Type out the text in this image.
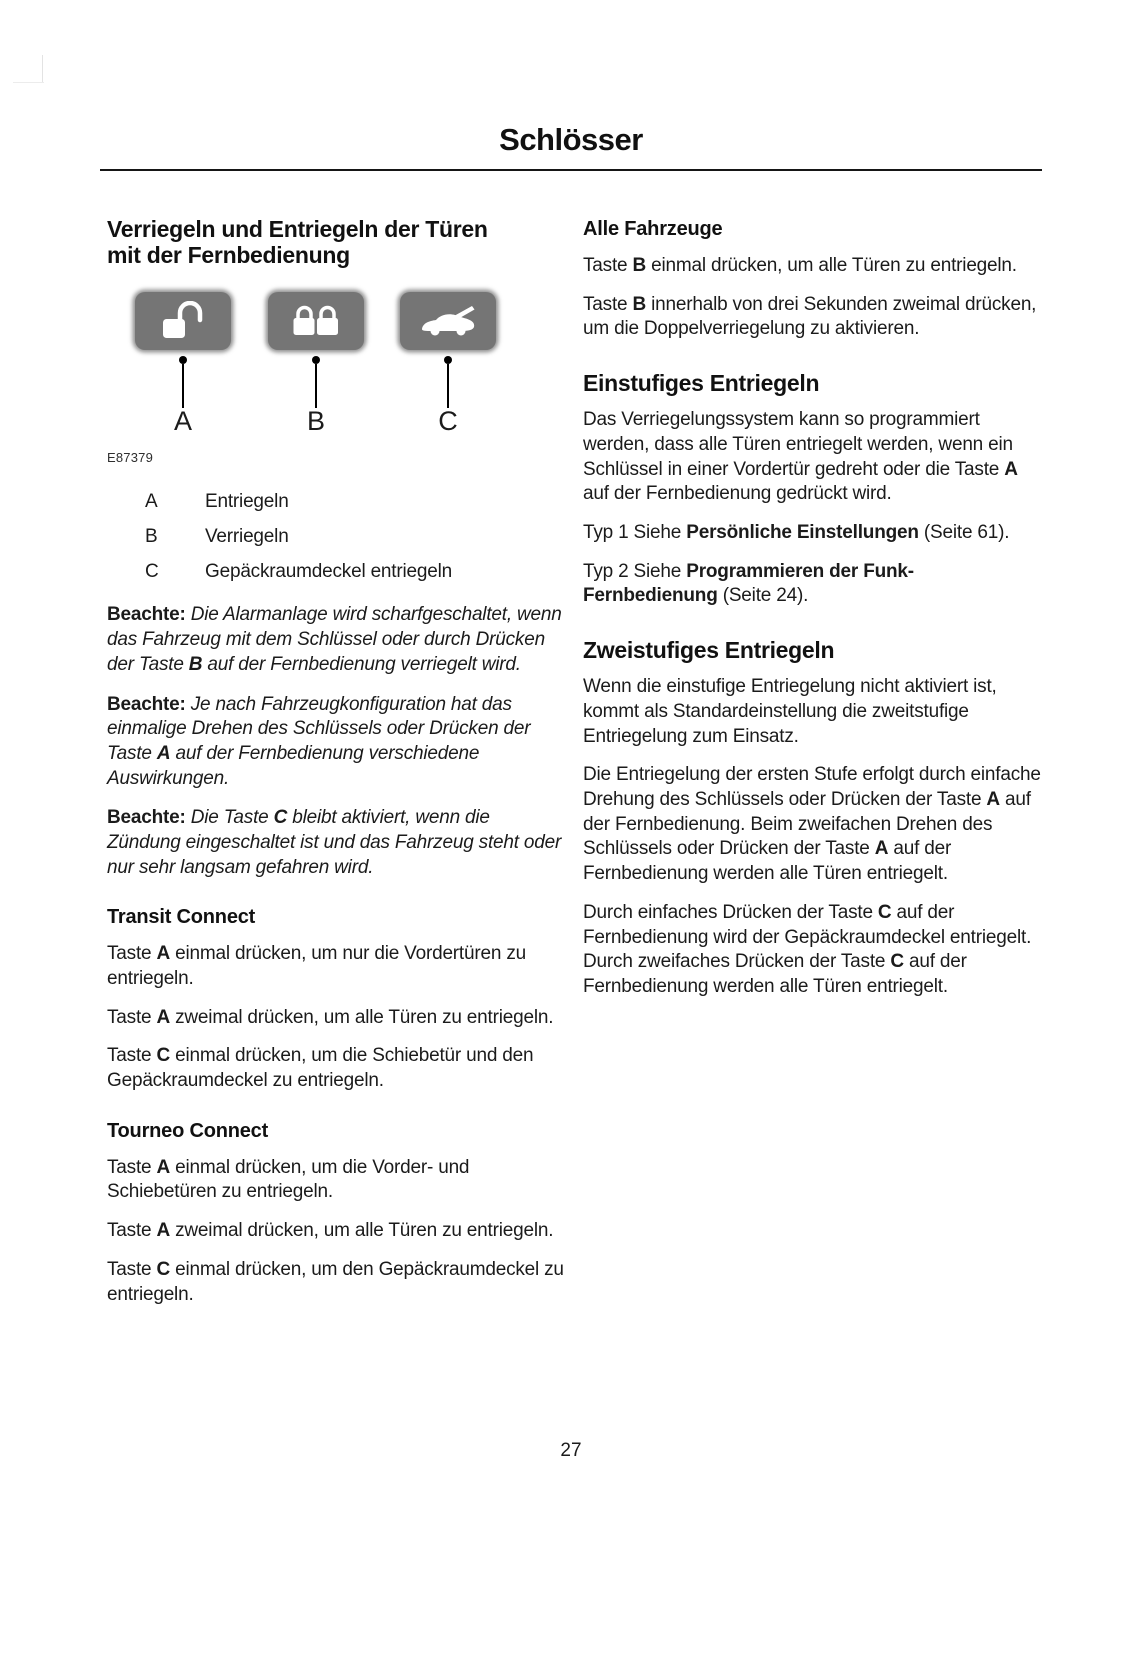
Schlösser
Verriegeln und Entriegeln der Türen mit der Fernbedienung
A	B	C

E87379

A	Entriegeln
B	Verriegeln
C	Gepäckraumdeckel entriegeln

Beachte: Die Alarmanlage wird scharfgeschaltet, wenn das Fahrzeug mit dem Schlüssel oder durch Drücken der Taste B auf der Fernbedienung verriegelt wird.

Beachte: Je nach Fahrzeugkonfiguration hat das einmalige Drehen des Schlüssels oder Drücken der Taste A auf der Fernbedienung verschiedene Auswirkungen.

Beachte: Die Taste C bleibt aktiviert, wenn die Zündung eingeschaltet ist und das Fahrzeug steht oder nur sehr langsam gefahren wird.

Transit Connect

Taste A einmal drücken, um nur die Vordertüren zu entriegeln.

Taste A zweimal drücken, um alle Türen zu entriegeln.

Taste C einmal drücken, um die Schiebetür und den Gepäckraumdeckel zu entriegeln.

Tourneo Connect

Taste A einmal drücken, um die Vorder- und Schiebetüren zu entriegeln.

Taste A zweimal drücken, um alle Türen zu entriegeln.

Taste C einmal drücken, um den Gepäckraumdeckel zu entriegeln.

Alle Fahrzeuge

Taste B einmal drücken, um alle Türen zu entriegeln.

Taste B innerhalb von drei Sekunden zweimal drücken, um die Doppelverriegelung zu aktivieren.

Einstufiges Entriegeln

Das Verriegelungssystem kann so programmiert werden, dass alle Türen entriegelt werden, wenn ein Schlüssel in einer Vordertür gedreht oder die Taste A auf der Fernbedienung gedrückt wird.

Typ 1 Siehe Persönliche Einstellungen (Seite 61).

Typ 2 Siehe Programmieren der Funk-Fernbedienung (Seite 24).

Zweistufiges Entriegeln

Wenn die einstufige Entriegelung nicht aktiviert ist, kommt als Standardeinstellung die zweitstufige Entriegelung zum Einsatz.

Die Entriegelung der ersten Stufe erfolgt durch einfache Drehung des Schlüssels oder Drücken der Taste A auf der Fernbedienung. Beim zweifachen Drehen des Schlüssels oder Drücken der Taste A auf der Fernbedienung werden alle Türen entriegelt.

Durch einfaches Drücken der Taste C auf der Fernbedienung wird der Gepäckraumdeckel entriegelt. Durch zweifaches Drücken der Taste C auf der Fernbedienung werden alle Türen entriegelt.

27
